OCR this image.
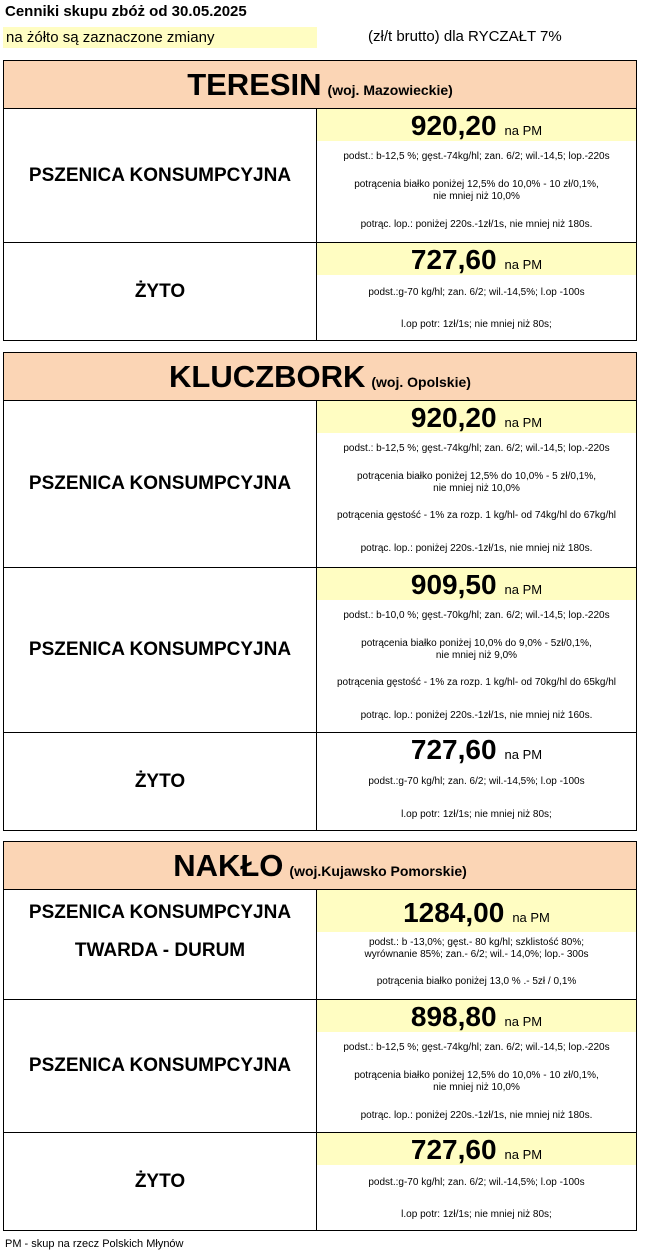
Cenniki skupu zbóż od 30.05.2025
na żółto są zaznaczone zmiany	(zł/t brutto) dla RYCZAŁT 7%
TERESIN (woj. Mazowieckie)
PSZENICA KONSUMPCYJNA
920,20 na PM
podst.: b-12,5 %; gęst.-74kg/hl; zan. 6/2; wil.-14,5; lop.-220s
potrącenia białko poniżej 12,5% do 10,0% - 10 zł/0,1%,
nie mniej niż 10,0%
potrąc. lop.: poniżej 220s.-1zł/1s, nie mniej niż 180s.
ŻYTO
727,60 na PM
podst.:g-70 kg/hl; zan. 6/2; wil.-14,5%; l.op -100s
l.op potr: 1zł/1s; nie mniej niż 80s;
KLUCZBORK (woj. Opolskie)
PSZENICA KONSUMPCYJNA
920,20 na PM
podst.: b-12,5 %; gęst.-74kg/hl; zan. 6/2; wil.-14,5; lop.-220s
potrącenia białko poniżej 12,5% do 10,0% - 5 zł/0,1%,
nie mniej niż 10,0%
potrącenia gęstość - 1% za rozp. 1 kg/hl- od 74kg/hl do 67kg/hl
potrąc. lop.: poniżej 220s.-1zł/1s, nie mniej niż 180s.
PSZENICA KONSUMPCYJNA
909,50 na PM
podst.: b-10,0 %; gęst.-70kg/hl; zan. 6/2; wil.-14,5; lop.-220s
potrącenia białko poniżej 10,0% do 9,0% - 5zł/0,1%,
nie mniej niż 9,0%
potrącenia gęstość - 1% za rozp. 1 kg/hl- od 70kg/hl do 65kg/hl
potrąc. lop.: poniżej 220s.-1zł/1s, nie mniej niż 160s.
ŻYTO
727,60 na PM
podst.:g-70 kg/hl; zan. 6/2; wil.-14,5%; l.op -100s
l.op potr: 1zł/1s; nie mniej niż 80s;
NAKŁO (woj.Kujawsko Pomorskie)
PSZENICA KONSUMPCYJNA
TWARDA - DURUM
1284,00 na PM
podst.: b -13,0%; gęst.- 80 kg/hl; szklistość 80%;
wyrównanie 85%; zan.- 6/2; wil.- 14,0%; lop.- 300s
potrącenia białko poniżej 13,0 % .- 5zł / 0,1%
PSZENICA KONSUMPCYJNA
898,80 na PM
podst.: b-12,5 %; gęst.-74kg/hl; zan. 6/2; wil.-14,5; lop.-220s
potrącenia białko poniżej 12,5% do 10,0% - 10 zł/0,1%,
nie mniej niż 10,0%
potrąc. lop.: poniżej 220s.-1zł/1s, nie mniej niż 180s.
ŻYTO
727,60 na PM
podst.:g-70 kg/hl; zan. 6/2; wil.-14,5%; l.op -100s
l.op potr: 1zł/1s; nie mniej niż 80s;
PM - skup na rzecz Polskich Młynów
